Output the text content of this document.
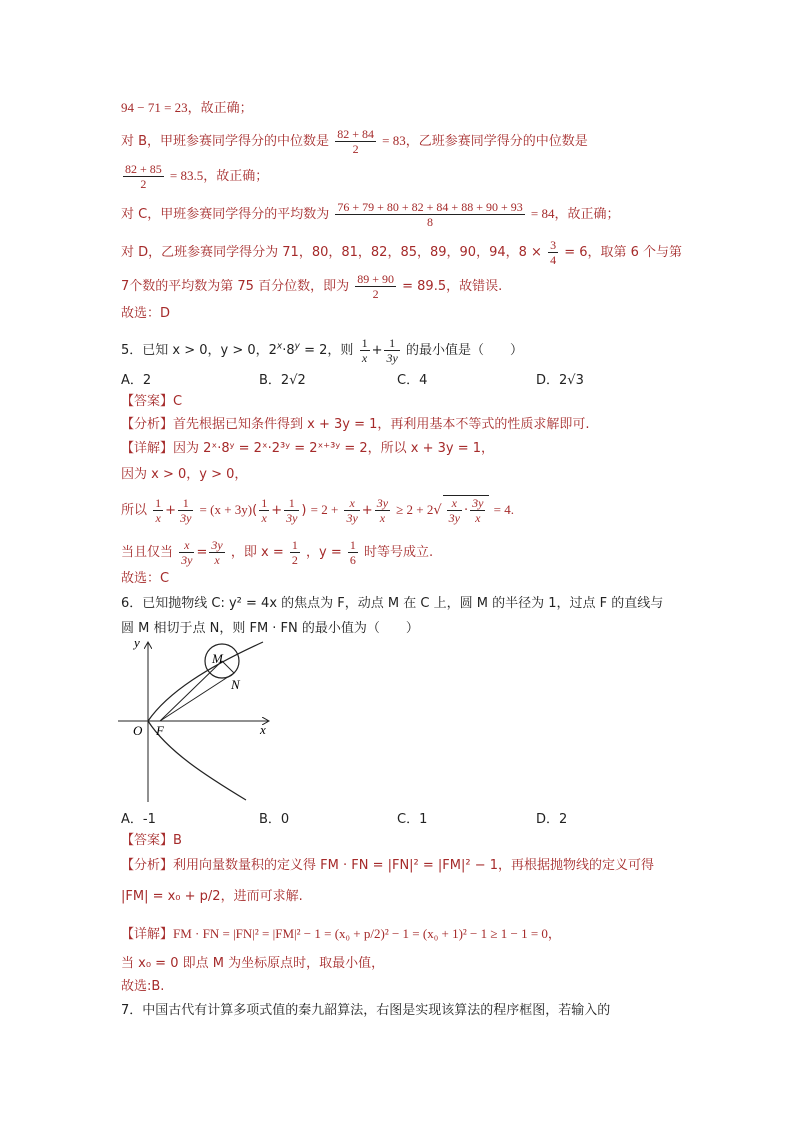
94 − 71 = 23，故正确；
对 B，甲班参赛同学得分的中位数是 $\frac{82 + 84}{2} = 83$，乙班参赛同学得分的中位数是
$\frac{82 + 85}{2} = 83.5$，故正确；
对 C，甲班参赛同学得分的平均数为 $\frac{76 + 79 + 80 + 82 + 84 + 88 + 90 + 93}{8} = 84$，故正确；
对 D，乙班参赛同学得分为 71，80，81，82，85，89，90，94，$8 \times \frac{3}{4} = 6$，取第 6 个与第
7个数的平均数为第 75 百分位数，即为 $\frac{89 + 90}{2} = 89.5$，故错误.
故选：D
5．已知 x > 0，y > 0，$2^x\cdot 8^y = 2$，则 $\frac{1}{x} + \frac{1}{3y}$ 的最小值是（　　）
A．2	B．2√2	C．4	D．2√3
【答案】C
【分析】首先根据已知条件得到 x + 3y = 1，再利用基本不等式的性质求解即可.
【详解】因为 2ˣ·8ʸ = 2ˣ·2³ʸ = 2ˣ⁺³ʸ = 2，所以 x + 3y = 1，
因为 x > 0，y > 0，
所以 $\frac{1}{x} + \frac{1}{3y} = (x + 3y)( \frac{1}{x} + \frac{1}{3y}$ ) = $2 + \frac{x}{3y} + \frac{3y}{x} \ge 2 + 2√ \frac{x}{3y} \cdot \frac{3y}{x} = 4$.
当且仅当 $\frac{x}{3y} = \frac{3y}{x}$ ，即 $x = \frac{1}{2}$ ，$y = \frac{1}{6}$ 时等号成立.
故选：C
6．已知抛物线 C: y² = 4x 的焦点为 F，动点 M 在 C 上，圆 M 的半径为 1，过点 F 的直线与
圆 M 相切于点 N，则 FM · FN 的最小值为（　　）
y
x
O F
M
N
A．-1	B．0	C．1	D．2
【答案】B
【分析】利用向量数量积的定义得 FM · FN = |FN|² = |FM|² − 1，再根据抛物线的定义可得
|FM| = x₀ + p/2，进而可求解.
【详解】FM · FN = |FN|² = |FM|² − 1 = (x₀ + p/2)² − 1 = (x₀ + 1)² − 1 ≥ 1 − 1 = 0，
当 x₀ = 0 即点 M 为坐标原点时，取最小值，
故选:B.
7．中国古代有计算多项式值的秦九韶算法，右图是实现该算法的程序框图，若输入的
